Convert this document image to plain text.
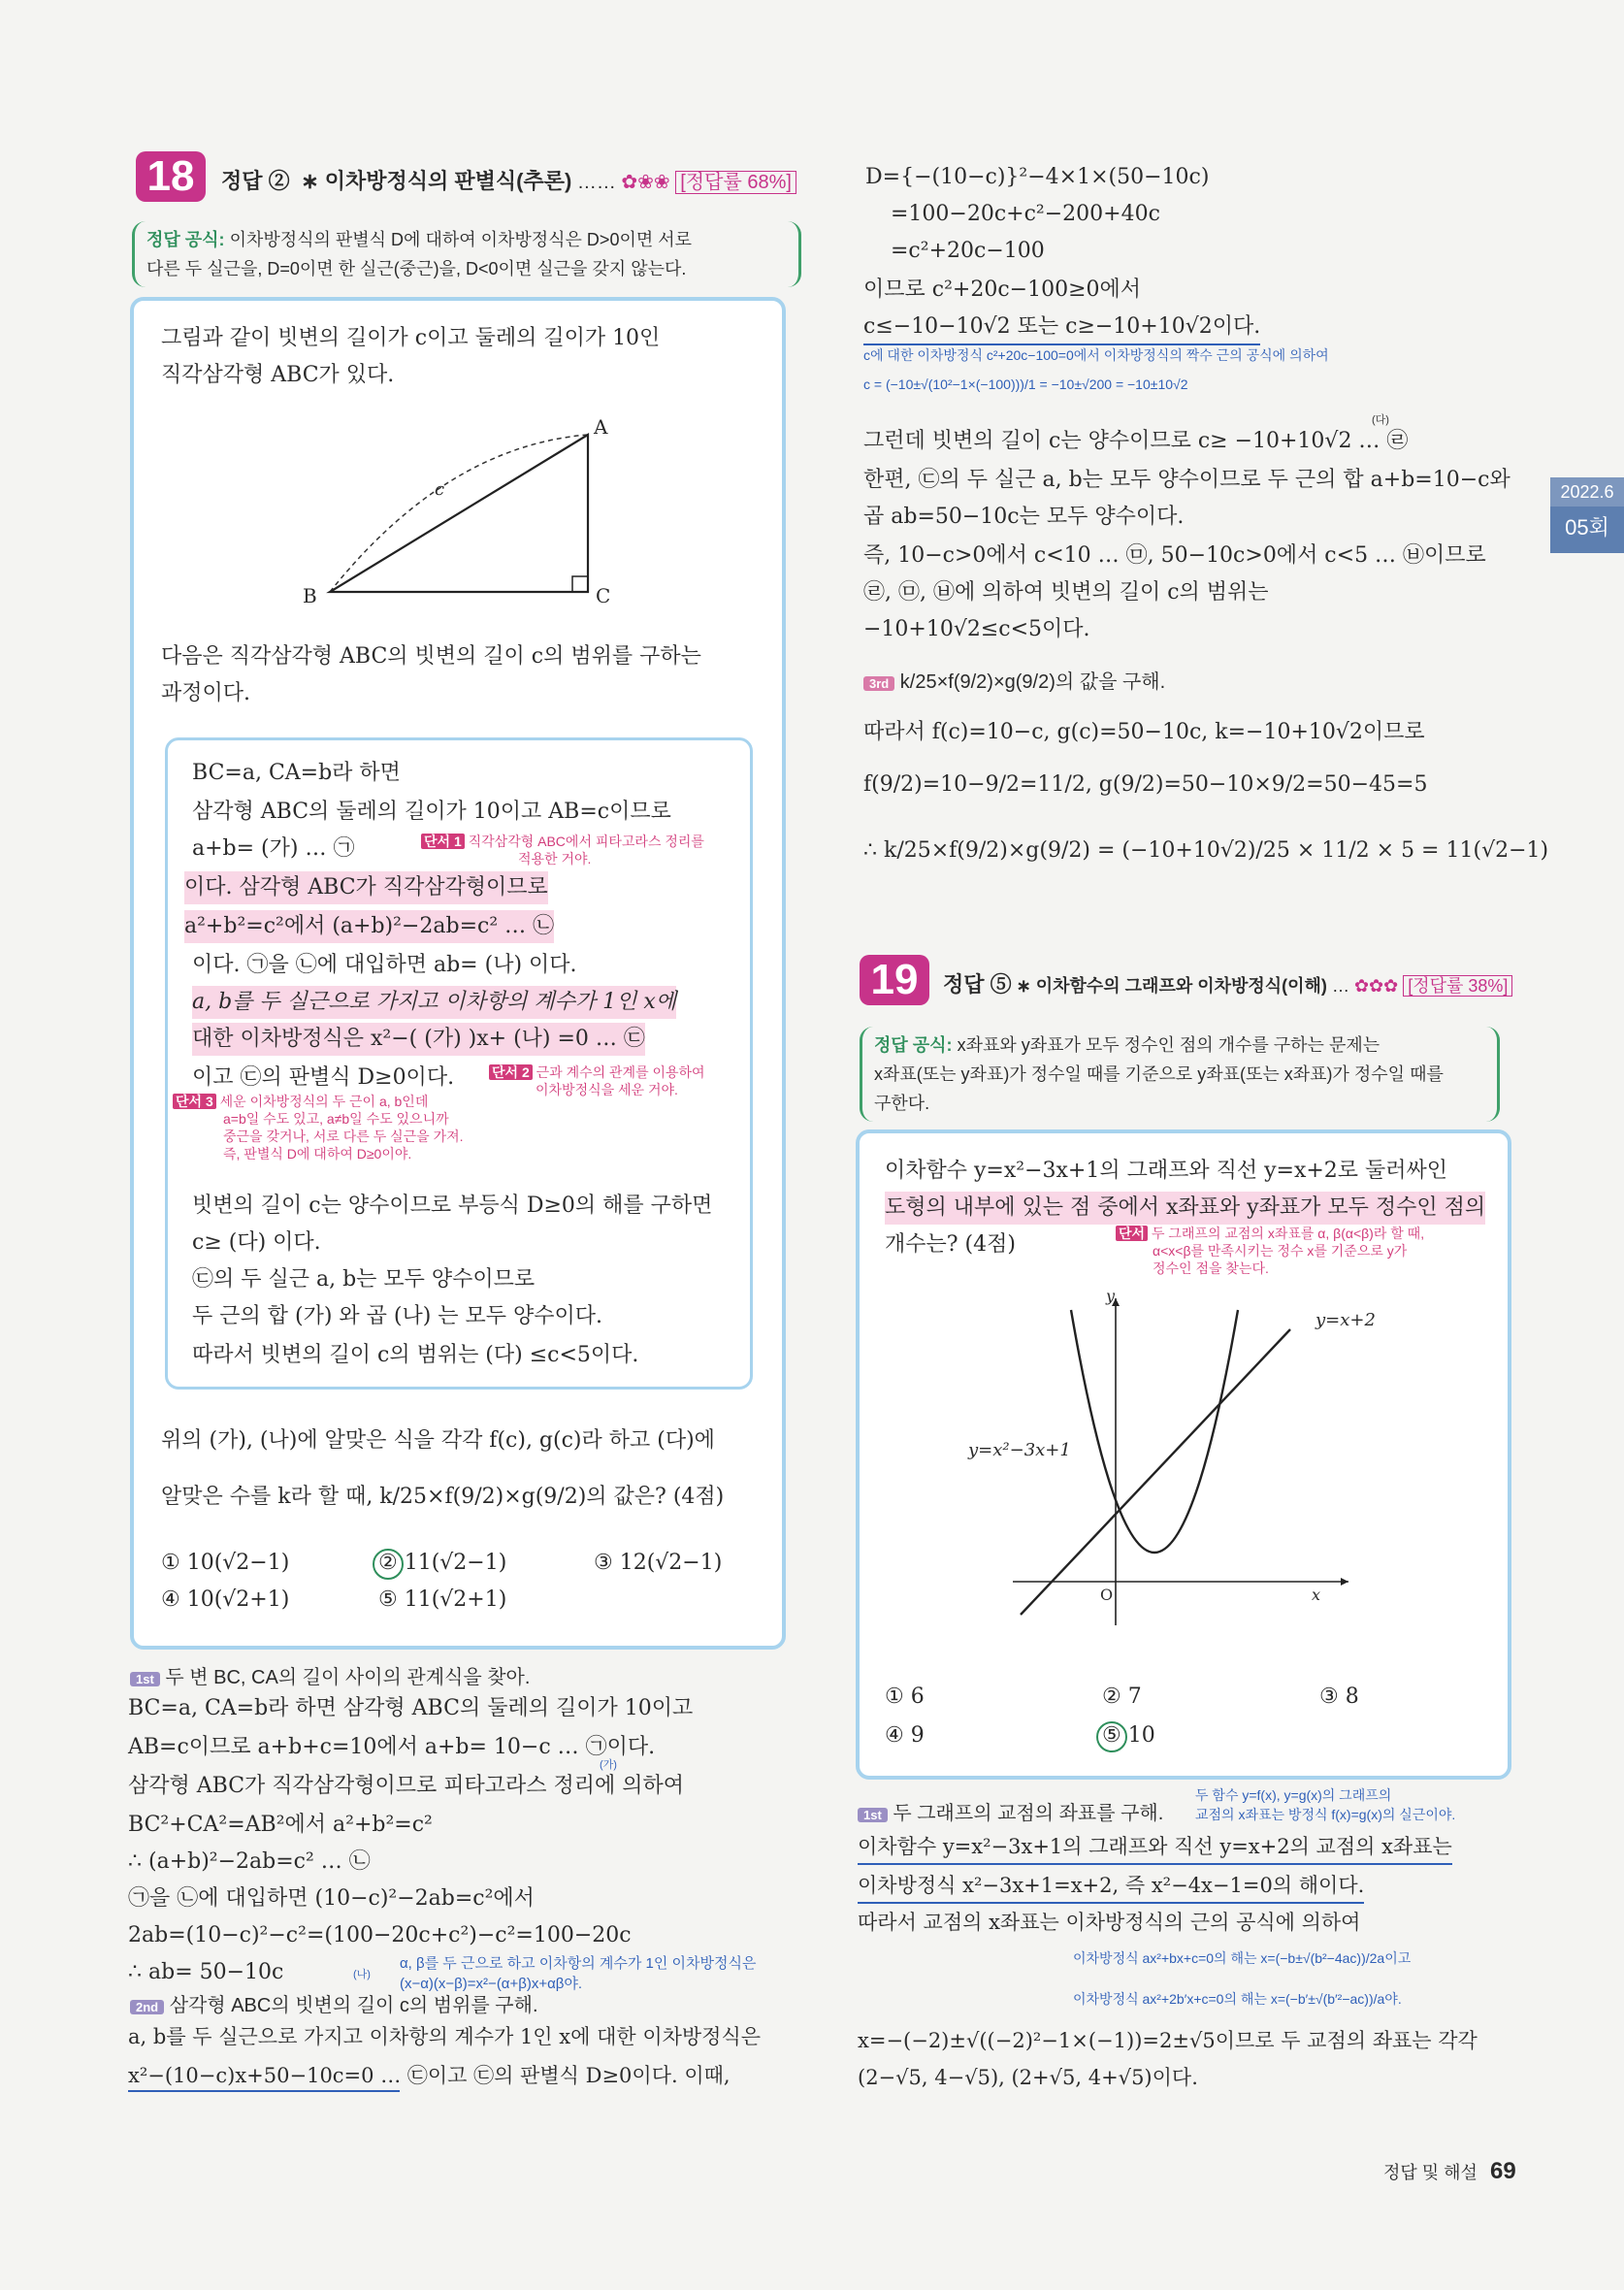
2022.6
05회
18	정답 ② ∗ 이차방정식의 판별식(추론) …… ✿❀❀ [정답률 68%]
정답 공식: 이차방정식의 판별식 D에 대하여 이차방정식은 D>0이면 서로
다른 두 실근을, D=0이면 한 실근(중근)을, D<0이면 실근을 갖지 않는다.
그림과 같이 빗변의 길이가 c이고 둘레의 길이가 10인
직각삼각형 ABC가 있다.
A
B	C
c
다음은 직각삼각형 ABC의 빗변의 길이 c의 범위를 구하는
과정이다.
BC=a, CA=b라 하면
삼각형 ABC의 둘레의 길이가 10이고 AB=c이므로
a+b= (가) … ㉠
이다. 삼각형 ABC가 직각삼각형이므로
a²+b²=c²에서 (a+b)²−2ab=c² … ㉡
이다. ㉠을 ㉡에 대입하면 ab= (나) 이다.
a, b를 두 실근으로 가지고 이차항의 계수가 1인 x에
대한 이차방정식은 x²−( (가) )x+ (나) =0 … ㉢
이고 ㉢의 판별식 D≥0이다.
빗변의 길이 c는 양수이므로 부등식 D≥0의 해를 구하면
c≥ (다) 이다.
㉢의 두 실근 a, b는 모두 양수이므로
두 근의 합 (가) 와 곱 (나) 는 모두 양수이다.
따라서 빗변의 길이 c의 범위는 (다) ≤c<5이다.
단서 1 직각삼각형 ABC에서 피타고라스 정리를
적용한 거야.
단서 2 근과 계수의 관계를 이용하여
이차방정식을 세운 거야.
단서 3 세운 이차방정식의 두 근이 a, b인데
a=b일 수도 있고, a≠b일 수도 있으니까
중근을 갖거나, 서로 다른 두 실근을 가져.
즉, 판별식 D에 대하여 D≥0이야.
위의 (가), (나)에 알맞은 식을 각각 f(c), g(c)라 하고 (다)에
알맞은 수를 k라 할 때, k/25×f(9/2)×g(9/2)의 값은? (4점)
① 10(√2−1)	② 11(√2−1)	③ 12(√2−1)
④ 10(√2+1)	⑤ 11(√2+1)
1st 두 변 BC, CA의 길이 사이의 관계식을 찾아.
BC=a, CA=b라 하면 삼각형 ABC의 둘레의 길이가 10이고
AB=c이므로 a+b+c=10에서 a+b= 10−c … ㉠이다.
(가)
삼각형 ABC가 직각삼각형이므로 피타고라스 정리에 의하여
BC²+CA²=AB²에서 a²+b²=c²
∴ (a+b)²−2ab=c² … ㉡
㉠을 ㉡에 대입하면 (10−c)²−2ab=c²에서
2ab=(10−c)²−c²=(100−20c+c²)−c²=100−20c
∴ ab= 50−10c	(나)
α, β를 두 근으로 하고 이차항의 계수가 1인 이차방정식은
(x−α)(x−β)=x²−(α+β)x+αβ야.
2nd 삼각형 ABC의 빗변의 길이 c의 범위를 구해.
a, b를 두 실근으로 가지고 이차항의 계수가 1인 x에 대한 이차방정식은
x²−(10−c)x+50−10c=0 … ㉢이고 ㉢의 판별식 D≥0이다. 이때,
D={−(10−c)}²−4×1×(50−10c)
=100−20c+c²−200+40c
=c²+20c−100
이므로 c²+20c−100≥0에서
c≤−10−10√2 또는 c≥−10+10√2이다.
c에 대한 이차방정식 c²+20c−100=0에서 이차방정식의 짝수 근의 공식에 의하여
c = (−10±√(10²−1×(−100)))/1 = −10±√200 = −10±10√2
(다)
그런데 빗변의 길이 c는 양수이므로 c≥ −10+10√2 … ㉣
한편, ㉢의 두 실근 a, b는 모두 양수이므로 두 근의 합 a+b=10−c와
곱 ab=50−10c는 모두 양수이다.
즉, 10−c>0에서 c<10 … ㉤, 50−10c>0에서 c<5 … ㉥이므로
㉣, ㉤, ㉥에 의하여 빗변의 길이 c의 범위는
−10+10√2≤c<5이다.
3rd k/25×f(9/2)×g(9/2)의 값을 구해.
따라서 f(c)=10−c, g(c)=50−10c, k=−10+10√2이므로
f(9/2)=10−9/2=11/2, g(9/2)=50−10×9/2=50−45=5
∴ k/25×f(9/2)×g(9/2) = (−10+10√2)/25 × 11/2 × 5 = 11(√2−1)
19	정답 ⑤ ∗ 이차함수의 그래프와 이차방정식(이해) … ✿✿✿ [정답률 38%]
정답 공식: x좌표와 y좌표가 모두 정수인 점의 개수를 구하는 문제는
x좌표(또는 y좌표)가 정수일 때를 기준으로 y좌표(또는 x좌표)가 정수일 때를
구한다.
이차함수 y=x²−3x+1의 그래프와 직선 y=x+2로 둘러싸인
도형의 내부에 있는 점 중에서 x좌표와 y좌표가 모두 정수인 점의
개수는? (4점)	단서 두 그래프의 교점의 x좌표를 α, β(α<β)라 할 때,
α<x<β를 만족시키는 정수 x를 기준으로 y가
정수인 점을 찾는다.
y=x+2
y=x²−3x+1
y
x
O
① 6	② 7	③ 8
④ 9	⑤ 10
1st 두 그래프의 교점의 좌표를 구해.
두 함수 y=f(x), y=g(x)의 그래프의
교점의 x좌표는 방정식 f(x)=g(x)의 실근이야.
이차함수 y=x²−3x+1의 그래프와 직선 y=x+2의 교점의 x좌표는
이차방정식 x²−3x+1=x+2, 즉 x²−4x−1=0의 해이다.
따라서 교점의 x좌표는 이차방정식의 근의 공식에 의하여
이차방정식 ax²+bx+c=0의 해는 x=(−b±√(b²−4ac))/2a이고
이차방정식 ax²+2b′x+c=0의 해는 x=(−b′±√(b′²−ac))/a야.
x=−(−2)±√((−2)²−1×(−1))=2±√5이므로 두 교점의 좌표는 각각
(2−√5, 4−√5), (2+√5, 4+√5)이다.
정답 및 해설 69
